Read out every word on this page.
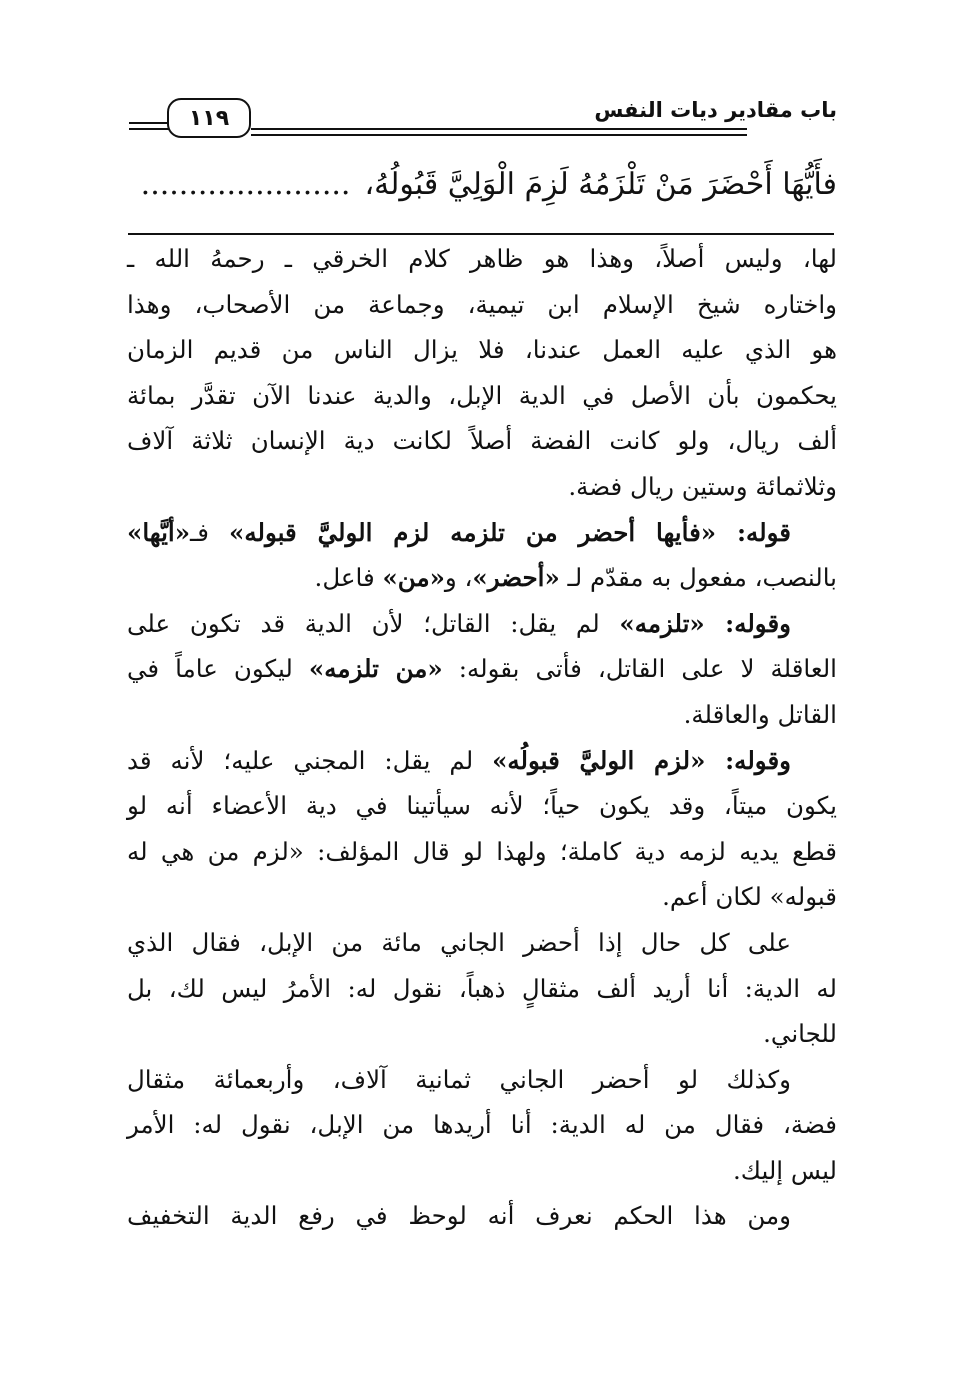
باب مقادير ديات النفس
١١٩
فأَيُّهَا أَحْضَرَ مَنْ تَلْزَمُهُ لَزِمَ الْوَلِيَّ قَبُولُهُ،......................
لها، وليس أصلاً، وهذا هو ظاهر كلام الخرقي ـ رحمهُ الله ـ
واختاره شيخ الإسلام ابن تيمية، وجماعة من الأصحاب، وهذا
هو الذي عليه العمل عندنا، فلا يزال الناس من قديم الزمان
يحكمون بأن الأصل في الدية الإبل، والدية عندنا الآن تقدَّر بمائة
ألف ريال، ولو كانت الفضة أصلاً لكانت دية الإنسان ثلاثة آلاف
وثلاثمائة وستين ريال فضة.
قوله: «فأيها أحضر من تلزمه لزم الوليَّ قبوله» فـ«أيَّها»
بالنصب، مفعول به مقدّم لـ «أحضر»، و«من» فاعل.
وقوله: «تلزمه» لم يقل: القاتل؛ لأن الدية قد تكون على
العاقلة لا على القاتل، فأتى بقوله: «من تلزمه» ليكون عاماً في
القاتل والعاقلة.
وقوله: «لزم الوليَّ قبولُه» لم يقل: المجني عليه؛ لأنه قد
يكون ميتاً، وقد يكون حياً؛ لأنه سيأتينا في دية الأعضاء أنه لو
قطع يديه لزمه دية كاملة؛ ولهذا لو قال المؤلف: «لزم من هي له
قبوله» لكان أعم.
على كل حال إذا أحضر الجاني مائة من الإبل، فقال الذي
له الدية: أنا أريد ألف مثقالٍ ذهباً، نقول له: الأمرُ ليس لك، بل
للجاني.
وكذلك لو أحضر الجاني ثمانية آلاف، وأربعمائة مثقال
فضة، فقال من له الدية: أنا أريدها من الإبل، نقول له: الأمر
ليس إليك.
ومن هذا الحكم نعرف أنه لوحظ في رفع الدية التخفيف
